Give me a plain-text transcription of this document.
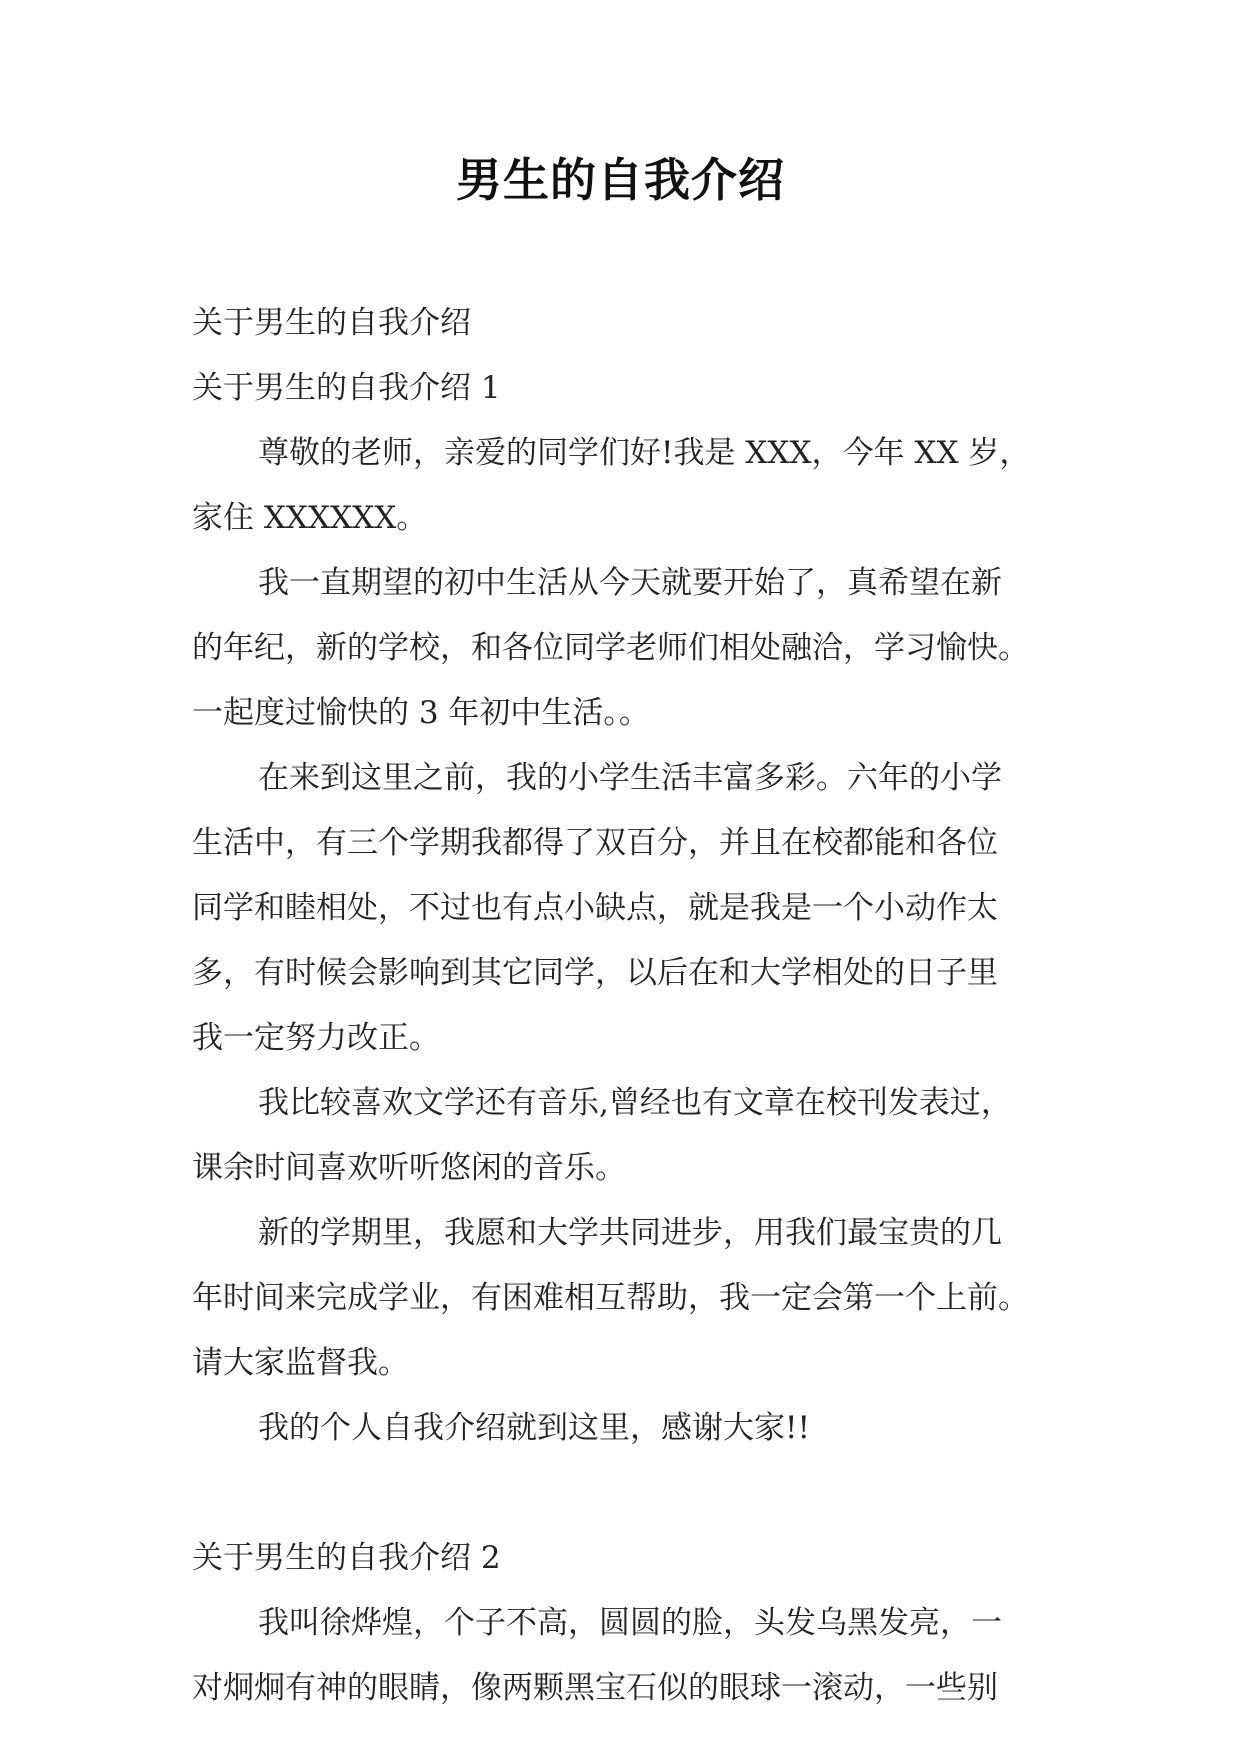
男生的自我介绍
关于男生的自我介绍
关于男生的自我介绍 1
尊敬的老师，亲爱的同学们好!我是 XXX，今年 XX 岁，
家住 XXXXXX。
我一直期望的初中生活从今天就要开始了，真希望在新
的年纪，新的学校，和各位同学老师们相处融洽，学习愉快。
一起度过愉快的 3 年初中生活。。
在来到这里之前，我的小学生活丰富多彩。六年的小学
生活中，有三个学期我都得了双百分，并且在校都能和各位
同学和睦相处，不过也有点小缺点，就是我是一个小动作太
多，有时候会影响到其它同学，以后在和大学相处的日子里
我一定努力改正。
我比较喜欢文学还有音乐,曾经也有文章在校刊发表过，
课余时间喜欢听听悠闲的音乐。
新的学期里，我愿和大学共同进步，用我们最宝贵的几
年时间来完成学业，有困难相互帮助，我一定会第一个上前。
请大家监督我。
我的个人自我介绍就到这里，感谢大家!!
关于男生的自我介绍 2
我叫徐烨煌，个子不高，圆圆的脸，头发乌黑发亮，一
对炯炯有神的眼睛，像两颗黑宝石似的眼球一滚动，一些别
